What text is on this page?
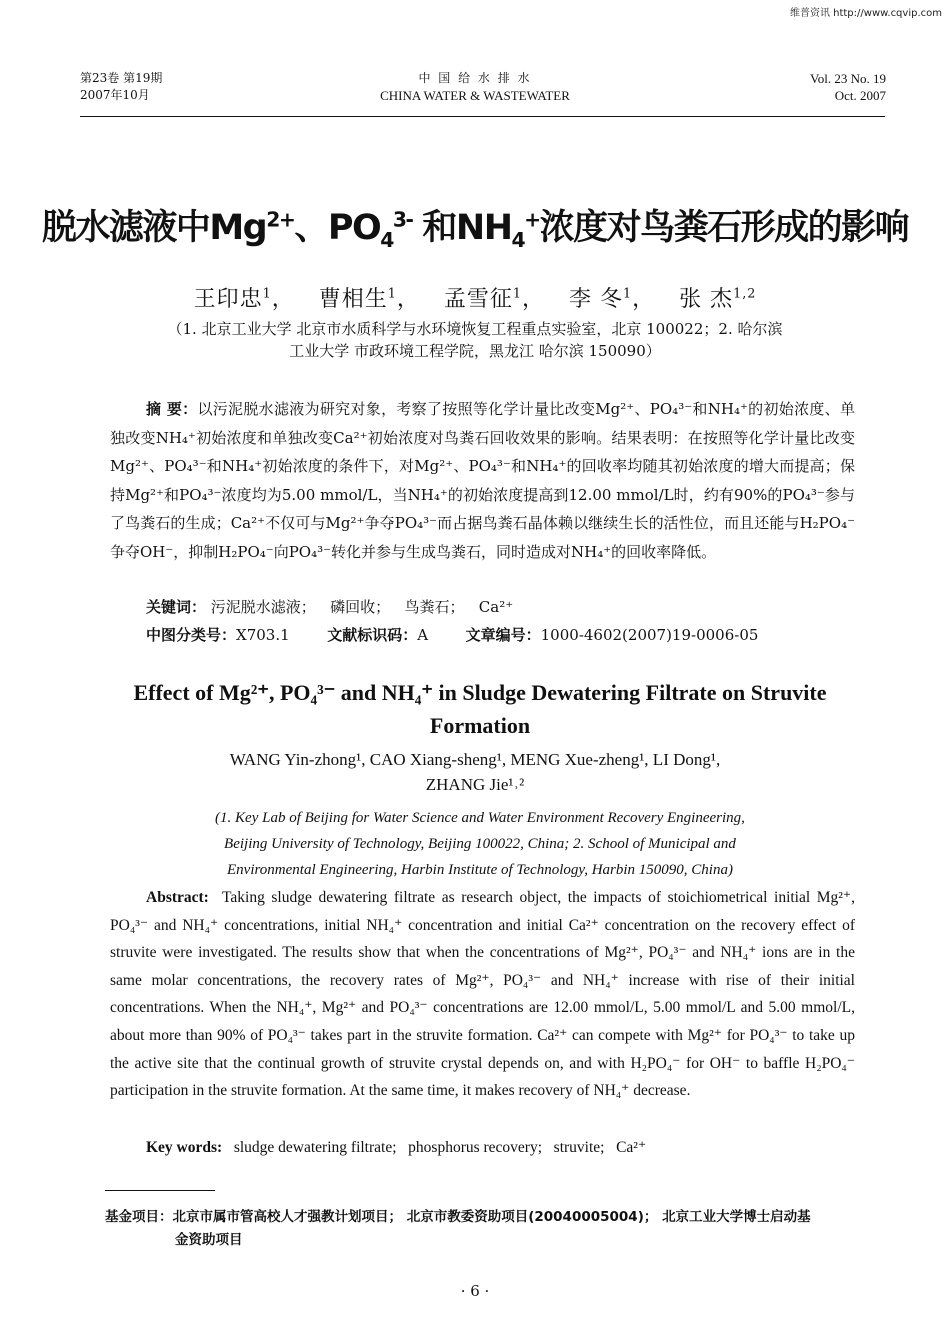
维普资讯 http://www.cqvip.com
第23卷 第19期
2007年10月
中 国 给 水 排 水
CHINA WATER & WASTEWATER
Vol. 23 No. 19
Oct. 2007
脱水滤液中$Mg^{2+}$、$PO_4^{3-}$ 和$NH_4^+$浓度对鸟粪石形成的影响
王印忠$^1$，   曹相生$^1$，   孟雪征$^1$，   李 冬$^1$，   张 杰$^{1,2}$
（1. 北京工业大学 北京市水质科学与水环境恢复工程重点实验室，北京 100022；2. 哈尔滨
工业大学 市政环境工程学院，黑龙江 哈尔滨 150090）
摘 要：以污泥脱水滤液为研究对象，考察了按照等化学计量比改变Mg²⁺、PO₄³⁻和NH₄⁺的初始浓度、单独改变NH₄⁺初始浓度和单独改变Ca²⁺初始浓度对鸟粪石回收效果的影响。结果表明：在按照等化学计量比改变Mg²⁺、PO₄³⁻和NH₄⁺初始浓度的条件下，对Mg²⁺、PO₄³⁻和NH₄⁺的回收率均随其初始浓度的增大而提高；保持Mg²⁺和PO₄³⁻浓度均为5.00 mmol/L，当NH₄⁺的初始浓度提高到12.00 mmol/L时，约有90%的PO₄³⁻参与了鸟粪石的生成；Ca²⁺不仅可与Mg²⁺争夺PO₄³⁻而占据鸟粪石晶体赖以继续生长的活性位，而且还能与H₂PO₄⁻争夺OH⁻，抑制H₂PO₄⁻向PO₄³⁻转化并参与生成鸟粪石，同时造成对NH₄⁺的回收率降低。
关键词： 污泥脱水滤液； 磷回收； 鸟粪石； Ca²⁺
中图分类号：X703.1	文献标识码：A	文章编号：1000-4602(2007)19-0006-05
Effect of Mg²⁺, PO₄³⁻ and NH₄⁺ in Sludge Dewatering Filtrate on Struvite
Formation
WANG Yin-zhong¹, CAO Xiang-sheng¹, MENG Xue-zheng¹, LI Dong¹,
ZHANG Jie¹˒²
(1. Key Lab of Beijing for Water Science and Water Environment Recovery Engineering,
Beijing University of Technology, Beijing 100022, China; 2. School of Municipal and
Environmental Engineering, Harbin Institute of Technology, Harbin 150090, China)
Abstract: Taking sludge dewatering filtrate as research object, the impacts of stoichiometrical initial Mg²⁺, PO₄³⁻ and NH₄⁺ concentrations, initial NH₄⁺ concentration and initial Ca²⁺ concentration on the recovery effect of struvite were investigated. The results show that when the concentrations of Mg²⁺, PO₄³⁻ and NH₄⁺ ions are in the same molar concentrations, the recovery rates of Mg²⁺, PO₄³⁻ and NH₄⁺ increase with rise of their initial concentrations. When the NH₄⁺, Mg²⁺ and PO₄³⁻ concentrations are 12.00 mmol/L, 5.00 mmol/L and 5.00 mmol/L, about more than 90% of PO₄³⁻ takes part in the struvite formation. Ca²⁺ can compete with Mg²⁺ for PO₄³⁻ to take up the active site that the continual growth of struvite crystal depends on, and with H₂PO₄⁻ for OH⁻ to baffle H₂PO₄⁻ participation in the struvite formation. At the same time, it makes recovery of NH₄⁺ decrease.
Key words: sludge dewatering filtrate; phosphorus recovery; struvite; Ca²⁺
基金项目：北京市属市管高校人才强教计划项目； 北京市教委资助项目(20040005004)； 北京工业大学博士启动基
金资助项目
· 6 ·
